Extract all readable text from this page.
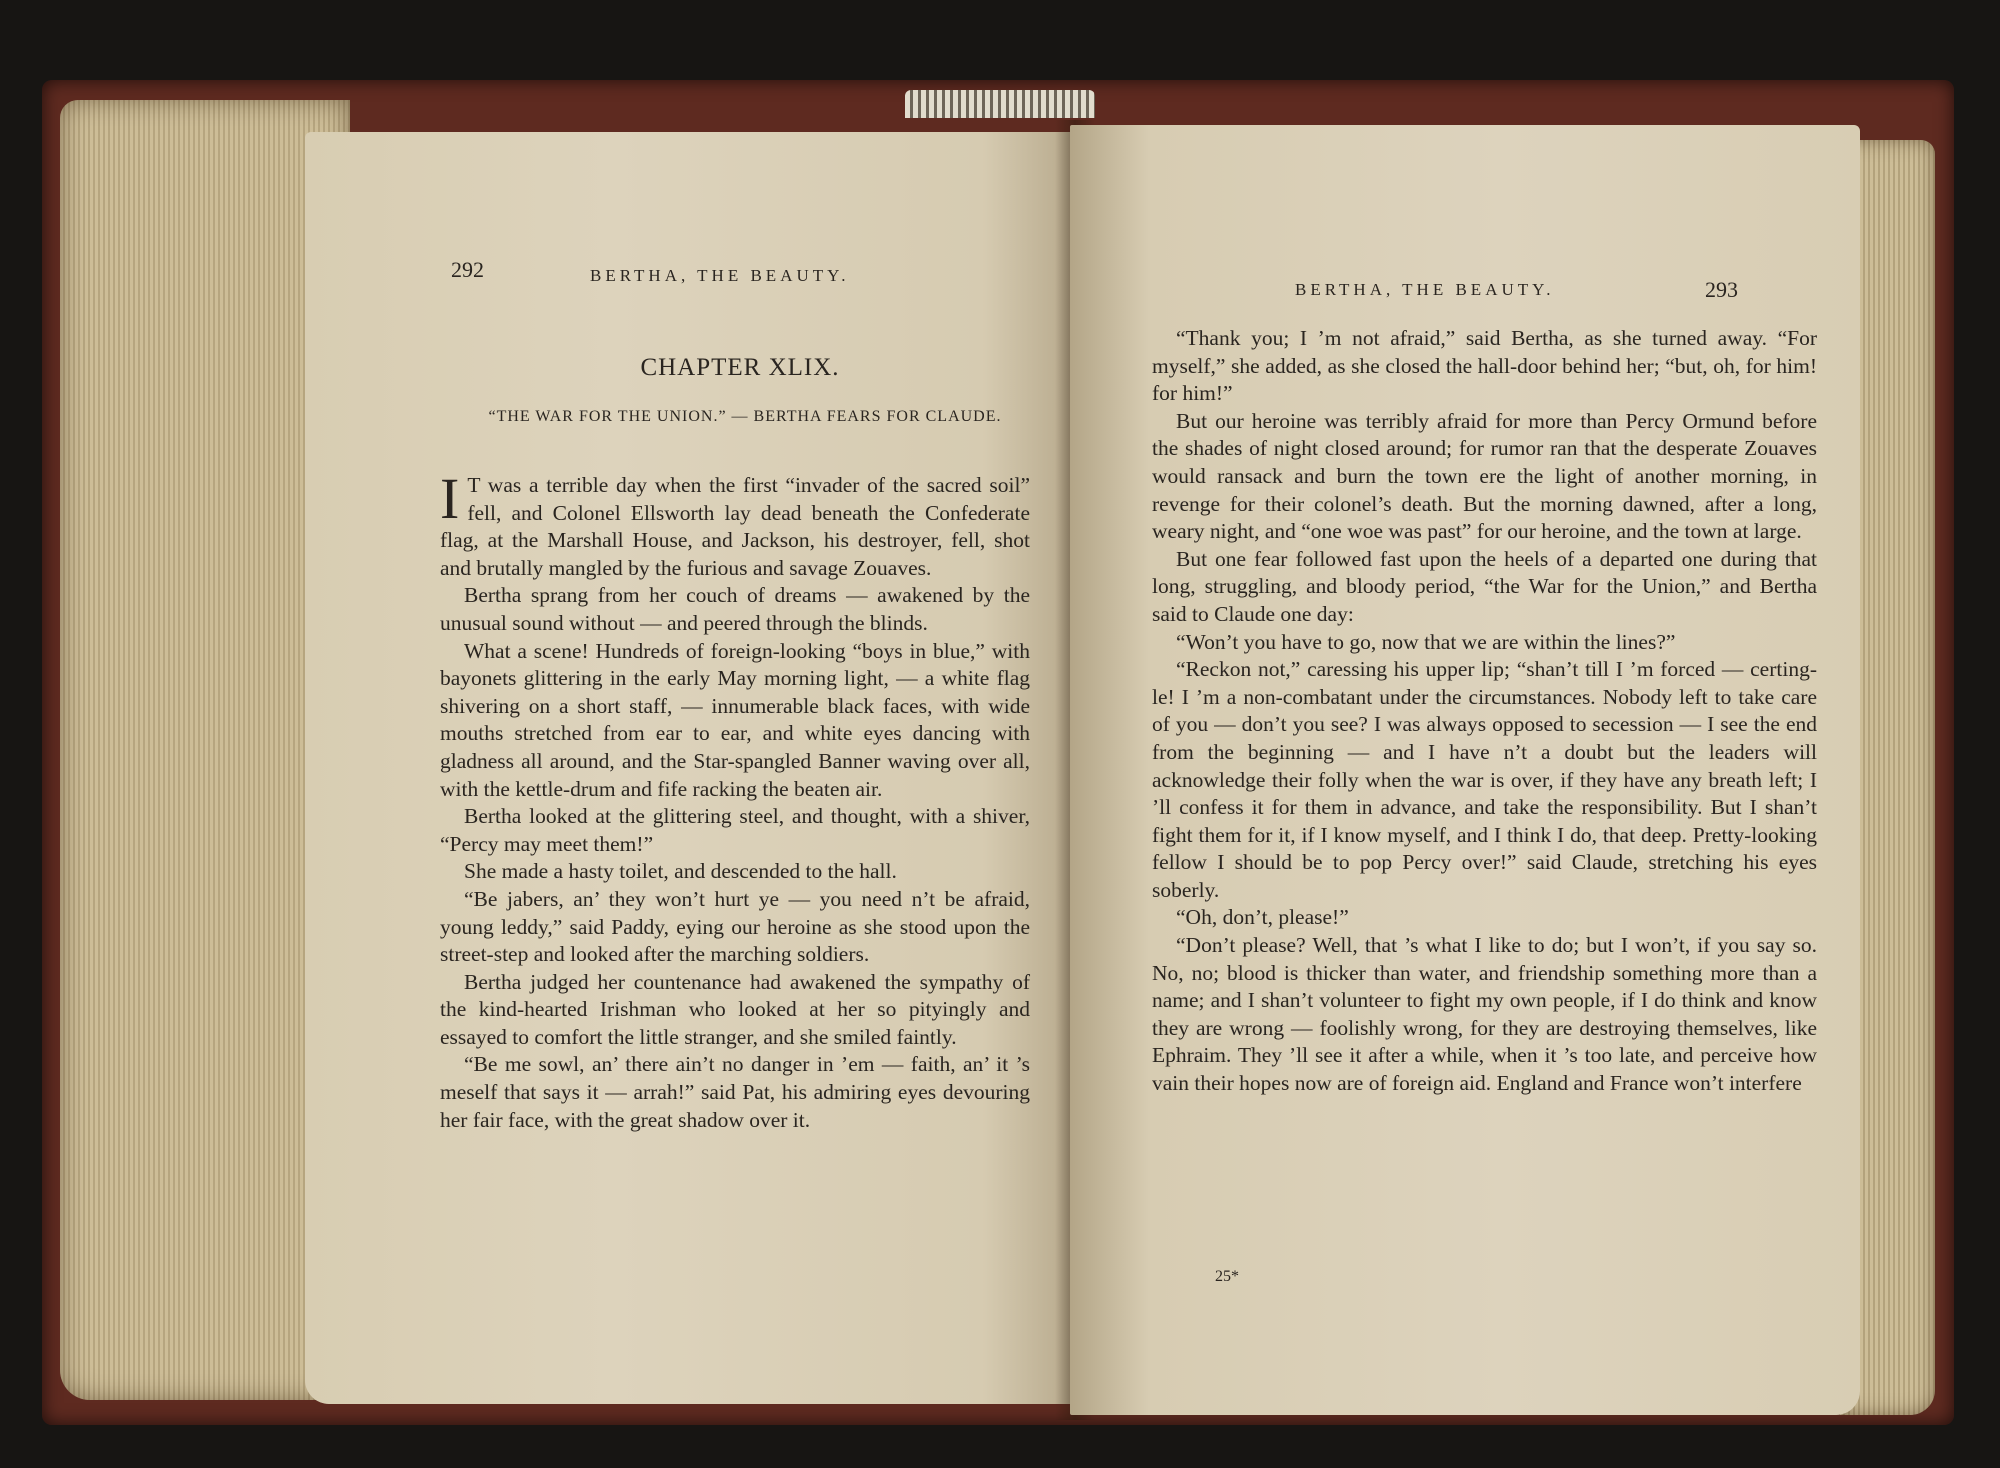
292	BERTHA, THE BEAUTY.
CHAPTER XLIX.
“THE WAR FOR THE UNION.” — BERTHA FEARS FOR CLAUDE.

I T was a terrible day when the first “invader of the sacred soil” fell, and Colonel Ellsworth lay dead beneath the Confederate flag, at the Marshall House, and Jackson, his destroyer, fell, shot and brutally mangled by the furious and savage Zouaves.

Bertha sprang from her couch of dreams — awakened by the unusual sound without — and peered through the blinds.

What a scene! Hundreds of foreign-looking “boys in blue,” with bayonets glittering in the early May morning light, — a white flag shivering on a short staff, — innumerable black faces, with wide mouths stretched from ear to ear, and white eyes dancing with gladness all around, and the Star-spangled Banner waving over all, with the kettle-drum and fife racking the beaten air.

Bertha looked at the glittering steel, and thought, with a shiver, “Percy may meet them!”

She made a hasty toilet, and descended to the hall.

“Be jabers, an’ they won’t hurt ye — you need n’t be afraid, young leddy,” said Paddy, eying our heroine as she stood upon the street-step and looked after the marching soldiers.

Bertha judged her countenance had awakened the sympathy of the kind-hearted Irishman who looked at her so pityingly and essayed to comfort the little stranger, and she smiled faintly.

“Be me sowl, an’ there ain’t no danger in ’em — faith, an’ it ’s meself that says it — arrah!” said Pat, his admiring eyes devouring her fair face, with the great shadow over it.

BERTHA, THE BEAUTY.	293

“Thank you; I ’m not afraid,” said Bertha, as she turned away. “For myself,” she added, as she closed the hall-door behind her; “but, oh, for him! for him!”

But our heroine was terribly afraid for more than Percy Ormund before the shades of night closed around; for rumor ran that the desperate Zouaves would ransack and burn the town ere the light of another morning, in revenge for their colonel’s death. But the morning dawned, after a long, weary night, and “one woe was past” for our heroine, and the town at large.

But one fear followed fast upon the heels of a departed one during that long, struggling, and bloody period, “the War for the Union,” and Bertha said to Claude one day:

“Won’t you have to go, now that we are within the lines?”

“Reckon not,” caressing his upper lip; “shan’t till I ’m forced — certing-le! I ’m a non-combatant under the circumstances. Nobody left to take care of you — don’t you see? I was always opposed to secession — I see the end from the beginning — and I have n’t a doubt but the leaders will acknowledge their folly when the war is over, if they have any breath left; I ’ll confess it for them in advance, and take the responsibility. But I shan’t fight them for it, if I know myself, and I think I do, that deep. Pretty-looking fellow I should be to pop Percy over!” said Claude, stretching his eyes soberly.

“Oh, don’t, please!”

“Don’t please? Well, that ’s what I like to do; but I won’t, if you say so. No, no; blood is thicker than water, and friendship something more than a name; and I shan’t volunteer to fight my own people, if I do think and know they are wrong — foolishly wrong, for they are destroying themselves, like Ephraim. They ’ll see it after a while, when it ’s too late, and perceive how vain their hopes now are of foreign aid. England and France won’t interfere

25*
